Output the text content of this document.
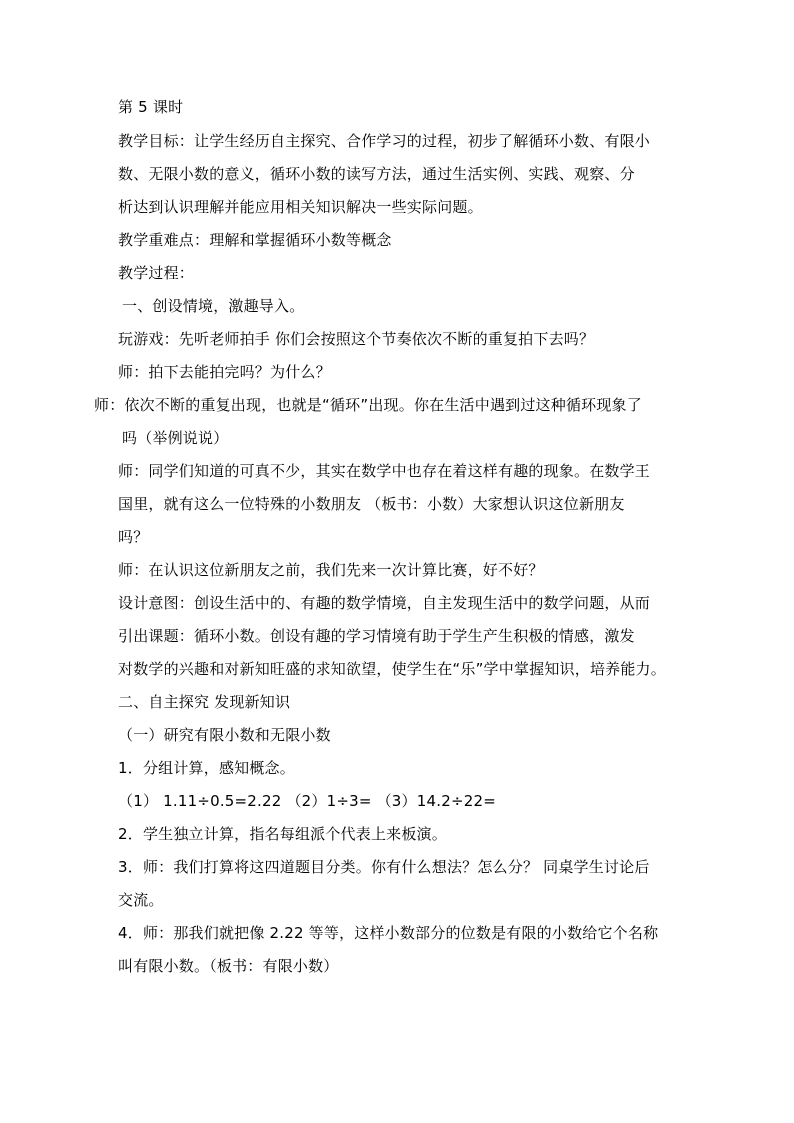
第 5 课时
教学目标：让学生经历自主探究、合作学习的过程，初步了解循环小数、有限小
数、无限小数的意义，循环小数的读写方法，通过生活实例、实践、观察、分
析达到认识理解并能应用相关知识解决一些实际问题。
教学重难点：理解和掌握循环小数等概念
教学过程：
一、创设情境，激趣导入。
玩游戏：先听老师拍手 你们会按照这个节奏依次不断的重复拍下去吗？
师：拍下去能拍完吗？为什么？
师：依次不断的重复出现，也就是“循环”出现。你在生活中遇到过这种循环现象了
吗（举例说说）
师：同学们知道的可真不少，其实在数学中也存在着这样有趣的现象。在数学王
国里，就有这么一位特殊的小数朋友 （板书：小数）大家想认识这位新朋友
吗？
师：在认识这位新朋友之前，我们先来一次计算比赛，好不好？
设计意图：创设生活中的、有趣的数学情境，自主发现生活中的数学问题，从而
引出课题：循环小数。创设有趣的学习情境有助于学生产生积极的情感，激发
对数学的兴趣和对新知旺盛的求知欲望，使学生在“乐”学中掌握知识，培养能力。
二、自主探究 发现新知识
（一）研究有限小数和无限小数
1．分组计算，感知概念。
（1） 1.11÷0.5=2.22 （2）1÷3= （3）14.2÷22=
2．学生独立计算，指名每组派个代表上来板演。
3．师：我们打算将这四道题目分类。你有什么想法？怎么分？ 同桌学生讨论后
交流。
4．师：那我们就把像 2.22 等等，这样小数部分的位数是有限的小数给它个名称
叫有限小数。（板书：有限小数）
